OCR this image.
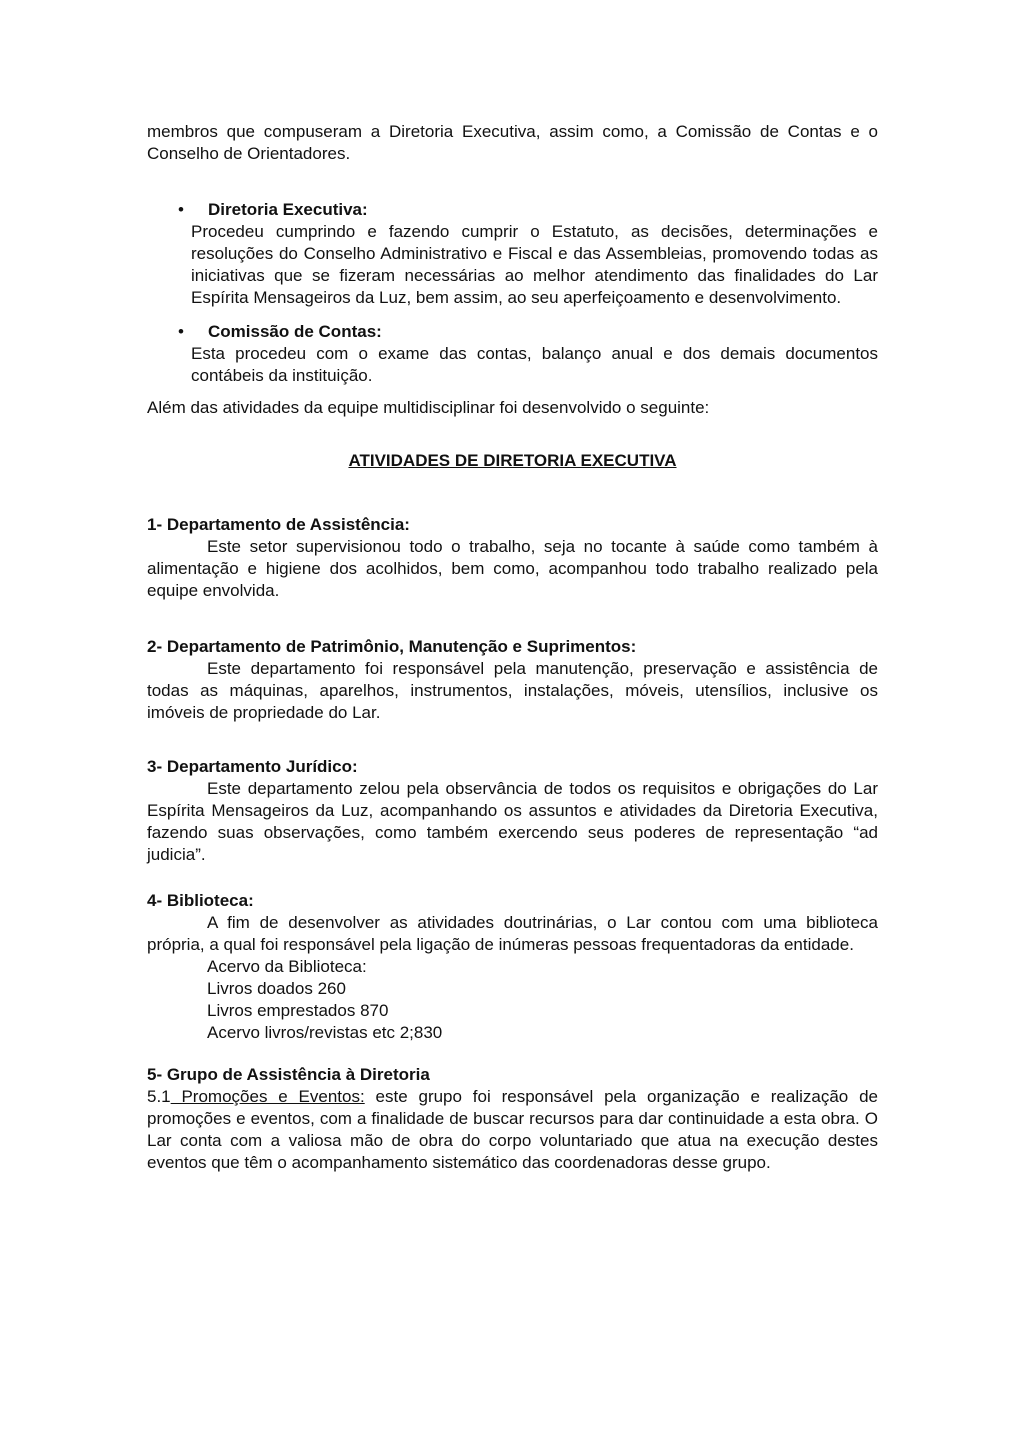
membros que compuseram a Diretoria Executiva, assim como, a Comissão de Contas e o Conselho de Orientadores.

•	Diretoria Executiva:

Procedeu cumprindo e fazendo cumprir o Estatuto, as decisões, determinações e resoluções do Conselho Administrativo e Fiscal e das Assembleias, promovendo todas as iniciativas que se fizeram necessárias ao melhor atendimento das finalidades do Lar Espírita Mensageiros da Luz, bem assim, ao seu aperfeiçoamento e desenvolvimento.

•	Comissão de Contas:

Esta procedeu com o exame das contas, balanço anual e dos demais documentos contábeis da instituição.

Além das atividades da equipe multidisciplinar foi desenvolvido o seguinte:

ATIVIDADES DE DIRETORIA EXECUTIVA
1- Departamento de Assistência:

Este setor supervisionou todo o trabalho, seja no tocante à saúde como também à alimentação e higiene dos acolhidos, bem como, acompanhou todo trabalho realizado pela equipe envolvida.

2- Departamento de Patrimônio, Manutenção e Suprimentos:

Este departamento foi responsável pela manutenção, preservação e assistência de todas as máquinas, aparelhos, instrumentos, instalações, móveis, utensílios, inclusive os imóveis de propriedade do Lar.

3- Departamento Jurídico:

Este departamento zelou pela observância de todos os requisitos e obrigações do Lar Espírita Mensageiros da Luz, acompanhando os assuntos e atividades da Diretoria Executiva, fazendo suas observações, como também exercendo seus poderes de representação “ad judicia”.

4- Biblioteca:

A fim de desenvolver as atividades doutrinárias, o Lar contou com uma biblioteca própria, a qual foi responsável pela ligação de inúmeras pessoas frequentadoras da entidade.

Acervo da Biblioteca:
Livros doados 260
Livros emprestados 870
Acervo livros/revistas etc 2;830
5- Grupo de Assistência à Diretoria

5.1 Promoções e Eventos: este grupo foi responsável pela organização e realização de promoções e eventos, com a finalidade de buscar recursos para dar continuidade a esta obra. O Lar conta com a valiosa mão de obra do corpo voluntariado que atua na execução destes eventos que têm o acompanhamento sistemático das coordenadoras desse grupo.
